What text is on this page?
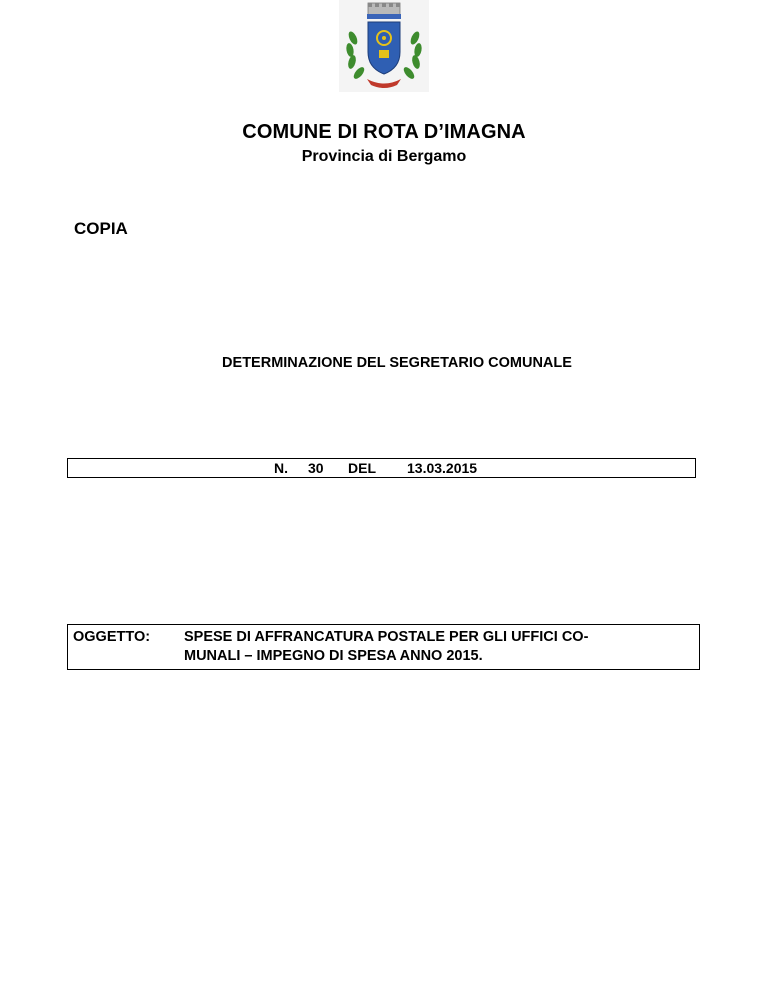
COMUNE DI ROTA D’IMAGNA
Provincia di Bergamo
COPIA
DETERMINAZIONE DEL SEGRETARIO COMUNALE
N. 30 DEL 13.03.2015
OGGETTO: SPESE DI AFFRANCATURA POSTALE PER GLI UFFICI CO-
MUNALI – IMPEGNO DI SPESA ANNO 2015.
